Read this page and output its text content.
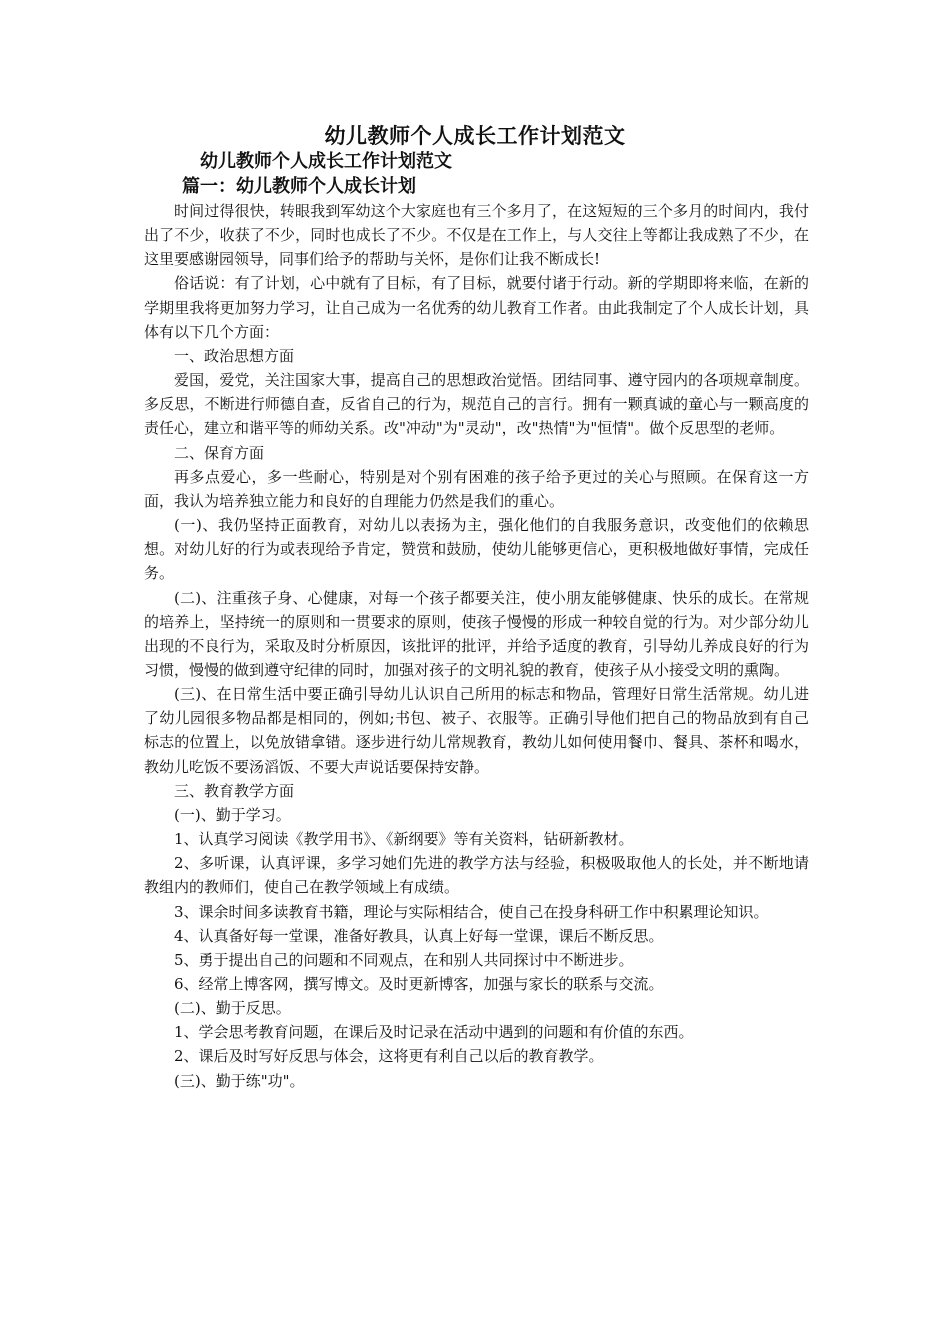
幼儿教师个人成长工作计划范文
幼儿教师个人成长工作计划范文
篇一：幼儿教师个人成长计划

时间过得很快，转眼我到军幼这个大家庭也有三个多月了，在这短短的三个多月的时间内，我付出了不少，收获了不少，同时也成长了不少。不仅是在工作上，与人交往上等都让我成熟了不少，在这里要感谢园领导，同事们给予的帮助与关怀，是你们让我不断成长!

俗话说：有了计划，心中就有了目标，有了目标，就要付诸于行动。新的学期即将来临，在新的学期里我将更加努力学习，让自己成为一名优秀的幼儿教育工作者。由此我制定了个人成长计划，具体有以下几个方面：

一、政治思想方面

爱国，爱党，关注国家大事，提高自己的思想政治觉悟。团结同事、遵守园内的各项规章制度。多反思，不断进行师德自查，反省自己的行为，规范自己的言行。拥有一颗真诚的童心与一颗高度的责任心，建立和谐平等的师幼关系。改"冲动"为"灵动"，改"热情"为"恒情"。做个反思型的老师。

二、保育方面

再多点爱心，多一些耐心，特别是对个别有困难的孩子给予更过的关心与照顾。在保育这一方面，我认为培养独立能力和良好的自理能力仍然是我们的重心。

(一)、我仍坚持正面教育，对幼儿以表扬为主，强化他们的自我服务意识，改变他们的依赖思想。对幼儿好的行为或表现给予肯定，赞赏和鼓励，使幼儿能够更信心，更积极地做好事情，完成任务。

(二)、注重孩子身、心健康，对每一个孩子都要关注，使小朋友能够健康、快乐的成长。在常规的培养上，坚持统一的原则和一贯要求的原则，使孩子慢慢的形成一种较自觉的行为。对少部分幼儿出现的不良行为，采取及时分析原因，该批评的批评，并给予适度的教育，引导幼儿养成良好的行为习惯，慢慢的做到遵守纪律的同时，加强对孩子的文明礼貌的教育，使孩子从小接受文明的熏陶。

(三)、在日常生活中要正确引导幼儿认识自己所用的标志和物品，管理好日常生活常规。幼儿进了幼儿园很多物品都是相同的，例如;书包、被子、衣服等。正确引导他们把自己的物品放到有自己标志的位置上，以免放错拿错。逐步进行幼儿常规教育，教幼儿如何使用餐巾、餐具、茶杯和喝水，教幼儿吃饭不要汤滔饭、不要大声说话要保持安静。

三、教育教学方面

(一)、勤于学习。

1、认真学习阅读《教学用书》、《新纲要》等有关资料，钻研新教材。

2、多听课，认真评课，多学习她们先进的教学方法与经验，积极吸取他人的长处，并不断地请教组内的教师们，使自己在教学领域上有成绩。

3、课余时间多读教育书籍，理论与实际相结合，使自己在投身科研工作中积累理论知识。

4、认真备好每一堂课，准备好教具，认真上好每一堂课，课后不断反思。

5、勇于提出自己的问题和不同观点，在和别人共同探讨中不断进步。

6、经常上博客网，撰写博文。及时更新博客，加强与家长的联系与交流。

(二)、勤于反思。

1、学会思考教育问题，在课后及时记录在活动中遇到的问题和有价值的东西。

2、课后及时写好反思与体会，这将更有利自己以后的教育教学。

(三)、勤于练"功"。
